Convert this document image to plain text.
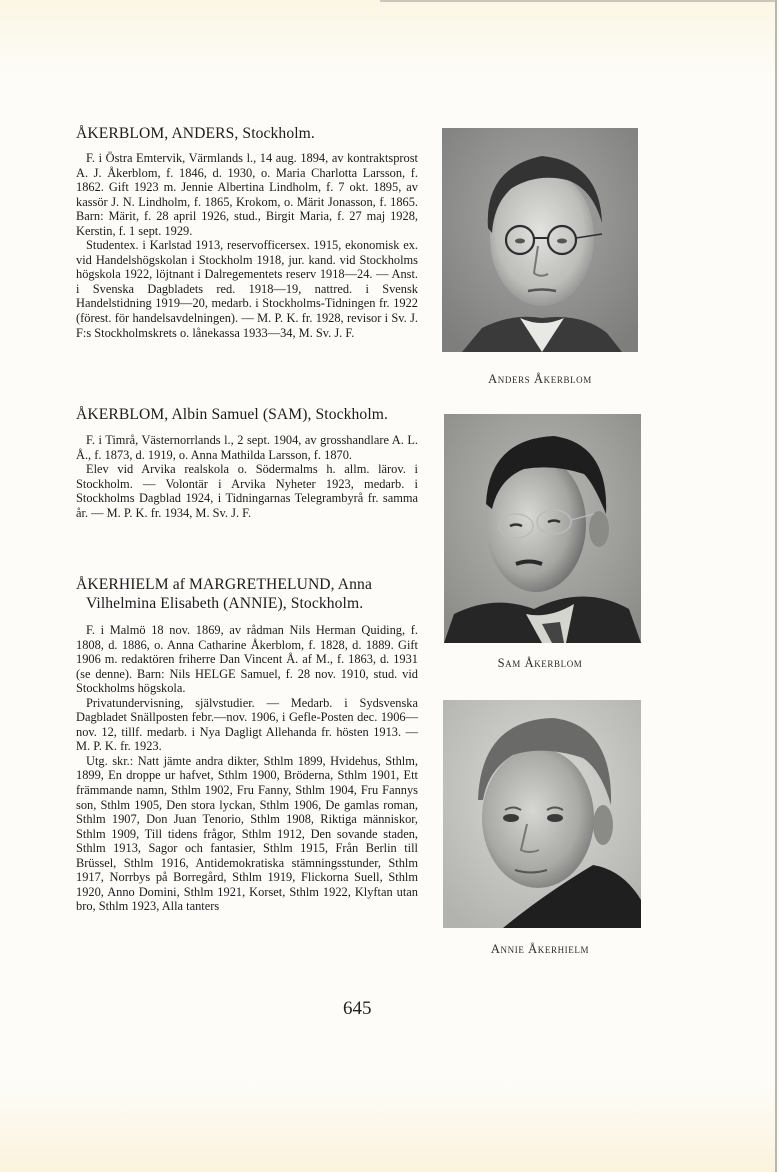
ÅKERBLOM, ANDERS, Stockholm.

F. i Östra Emtervik, Värmlands l., 14 aug. 1894, av kontraktsprost A. J. Åkerblom, f. 1846, d. 1930, o. Maria Charlotta Larsson, f. 1862. Gift 1923 m. Jennie Albertina Lindholm, f. 7 okt. 1895, av kassör J. N. Lindholm, f. 1865, Krokom, o. Märit Jonasson, f. 1865. Barn: Märit, f. 28 april 1926, stud., Birgit Maria, f. 27 maj 1928, Kerstin, f. 1 sept. 1929.

Studentex. i Karlstad 1913, reservofficersex. 1915, ekonomisk ex. vid Handelshögskolan i Stockholm 1918, jur. kand. vid Stockholms högskola 1922, löjtnant i Dalregementets reserv 1918—24. — Anst. i Svenska Dagbladets red. 1918—19, nattred. i Svensk Handelstidning 1919—20, medarb. i Stockholms-Tidningen fr. 1922 (förest. för handelsavdelningen). — M. P. K. fr. 1928, revisor i Sv. J. F:s Stockholmskrets o. lånekassa 1933—34, M. Sv. J. F.

ÅKERBLOM, Albin Samuel (SAM), Stockholm.

F. i Timrå, Västernorrlands l., 2 sept. 1904, av grosshandlare A. L. Å., f. 1873, d. 1919, o. Anna Mathilda Larsson, f. 1870.

Elev vid Arvika realskola o. Södermalms h. allm. lärov. i Stockholm. — Volontär i Arvika Nyheter 1923, medarb. i Stockholms Dagblad 1924, i Tidningarnas Telegrambyrå fr. samma år. — M. P. K. fr. 1934, M. Sv. J. F.

ÅKERHIELM af MARGRETHELUND, Anna
Vilhelmina Elisabeth (ANNIE), Stockholm.

F. i Malmö 18 nov. 1869, av rådman Nils Herman Quiding, f. 1808, d. 1886, o. Anna Catharine Åkerblom, f. 1828, d. 1889. Gift 1906 m. redaktören friherre Dan Vincent Å. af M., f. 1863, d. 1931 (se denne). Barn: Nils HELGE Samuel, f. 28 nov. 1910, stud. vid Stockholms högskola.

Privatundervisning, självstudier. — Medarb. i Sydsvenska Dagbladet Snällposten febr.—nov. 1906, i Gefle-Posten dec. 1906—nov. 12, tillf. medarb. i Nya Dagligt Allehanda fr. hösten 1913. — M. P. K. fr. 1923.

Utg. skr.: Natt jämte andra dikter, Sthlm 1899, Hvidehus, Sthlm, 1899, En droppe ur hafvet, Sthlm 1900, Bröderna, Sthlm 1901, Ett främmande namn, Sthlm 1902, Fru Fanny, Sthlm 1904, Fru Fannys son, Sthlm 1905, Den stora lyckan, Sthlm 1906, De gamlas roman, Sthlm 1907, Don Juan Tenorio, Sthlm 1908, Riktiga människor, Sthlm 1909, Till tidens frågor, Sthlm 1912, Den sovande staden, Sthlm 1913, Sagor och fantasier, Sthlm 1915, Från Berlin till Brüssel, Sthlm 1916, Antidemokratiska stämningsstunder, Sthlm 1917, Norrbys på Borregård, Sthlm 1919, Flickorna Suell, Sthlm 1920, Anno Domini, Sthlm 1921, Korset, Sthlm 1922, Klyftan utan bro, Sthlm 1923, Alla tanters

Anders Åkerblom
Sam Åkerblom
Annie Åkerhielm
645
